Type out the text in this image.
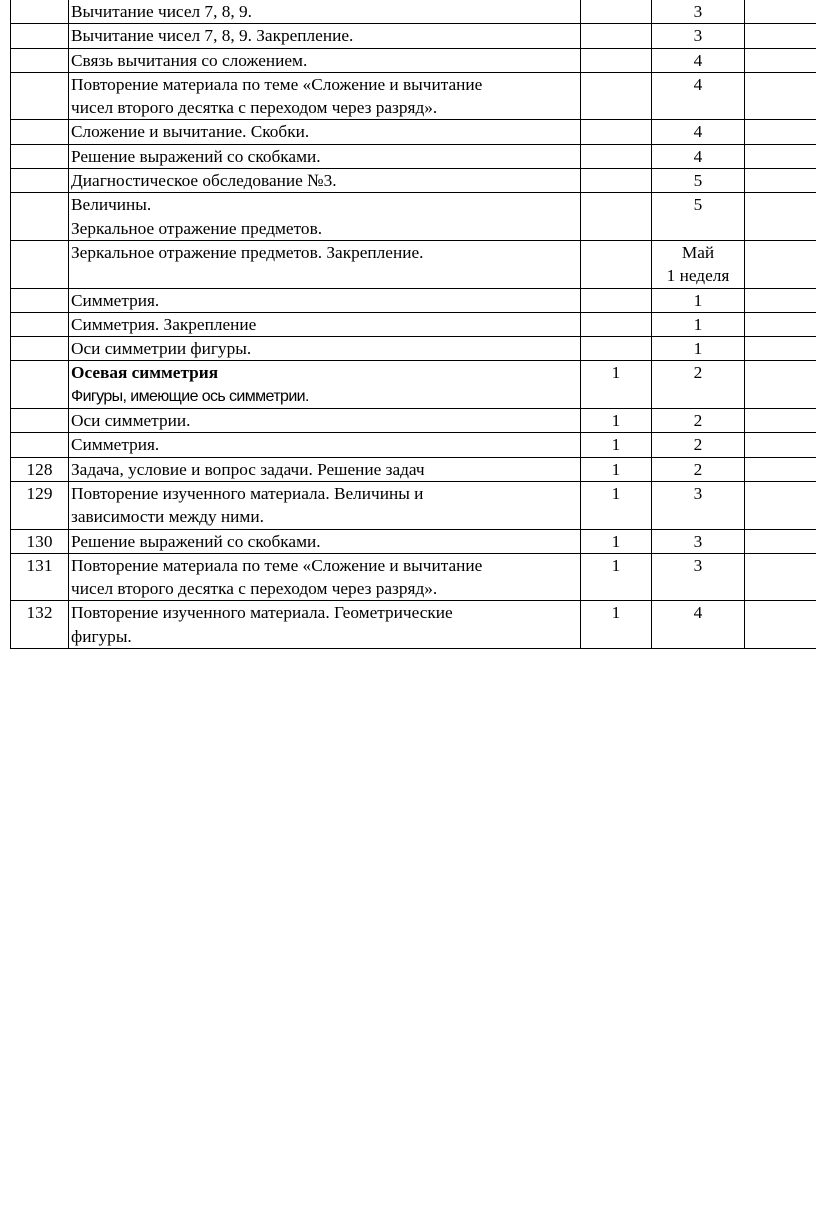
	Вычитание чисел 7, 8, 9.		3	

	Вычитание чисел 7, 8, 9. Закрепление.		3	

	Связь вычитания со сложением.		4	

	Повторение материала по теме «Сложение и вычитание
чисел второго десятка с переходом через разряд».		4	

	Сложение и вычитание. Скобки.		4	

	Решение выражений со скобками.		4	

	Диагностическое обследование №3.		5	

	Величины.
Зеркальное отражение предметов.		5	

	Зеркальное отражение предметов. Закрепление.		Май
1 неделя	

	Симметрия.		1	

	Симметрия. Закрепление		1	

	Оси симметрии фигуры.		1	

	Осевая симметрия
Фигуры, имеющие ось симметрии.	1	2	

	Оси симметрии.	1	2	

	Симметрия.	1	2	

128	Задача, условие и вопрос задачи. Решение задач	1	2	

129	Повторение изученного материала. Величины и
зависимости между ними.	1	3	

130	Решение выражений со скобками.	1	3	

131	Повторение материала по теме «Сложение и вычитание
чисел второго десятка с переходом через разряд».	1	3	

132	Повторение изученного материала. Геометрические
фигуры.	1	4	
